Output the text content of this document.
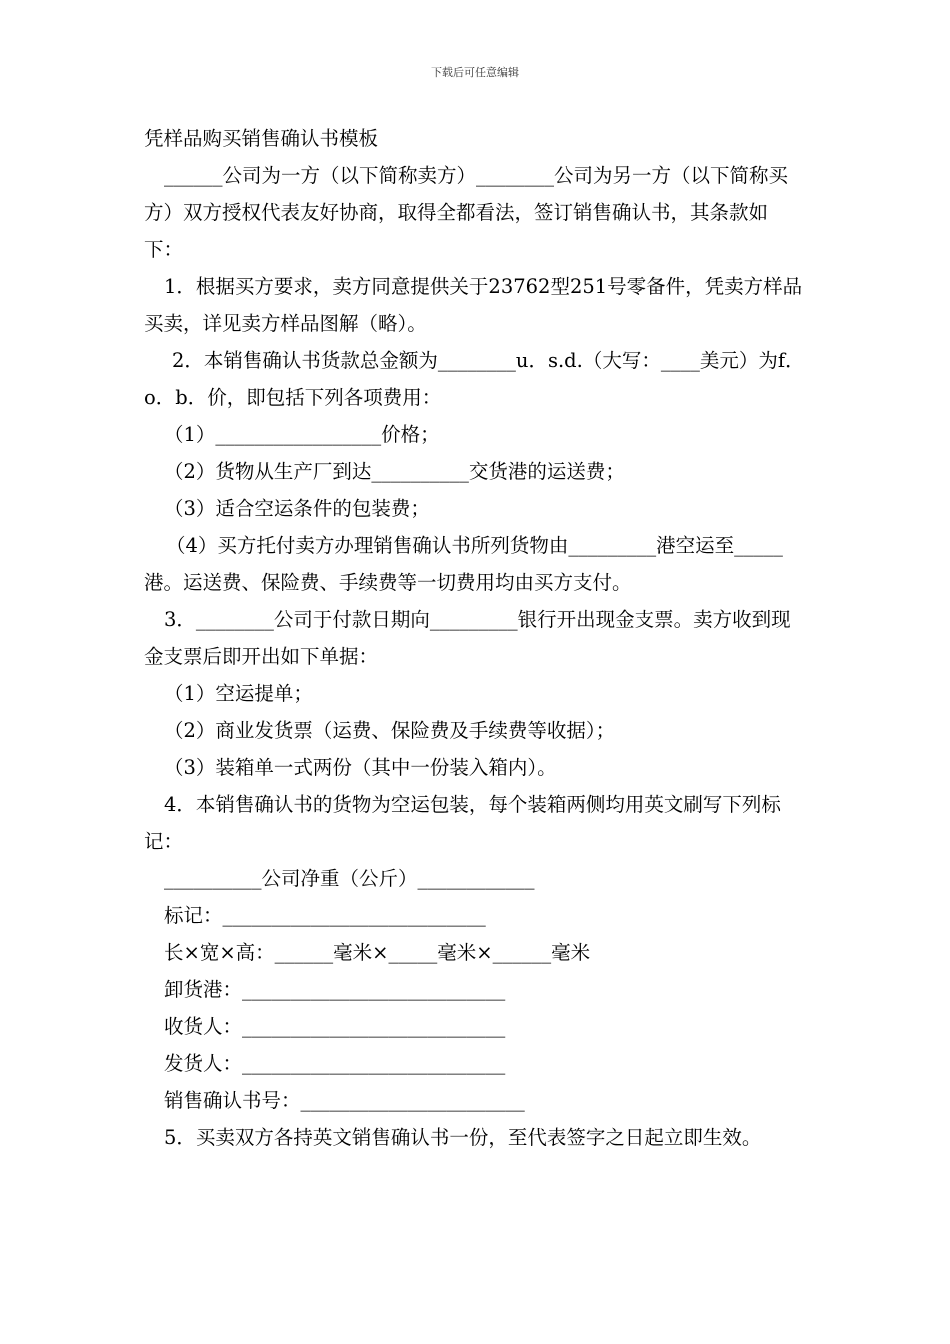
下载后可任意编辑

凭样品购买销售确认书模板

______公司为一方（以下简称卖方）________公司为另一方（以下简称买方）双方授权代表友好协商，取得全都看法，签订销售确认书，其条款如下：

1．根据买方要求，卖方同意提供关于23762型251号零备件，凭卖方样品买卖，详见卖方样品图解（略）。

2．本销售确认书货款总金额为________u．s.d.（大写：____美元）为f．o．b．价，即包括下列各项费用：

（1）_________________价格；

（2）货物从生产厂到达__________交货港的运送费；

（3）适合空运条件的包装费；

（4）买方托付卖方办理销售确认书所列货物由_________港空运至_____港。运送费、保险费、手续费等一切费用均由买方支付。

3．________公司于付款日期向_________银行开出现金支票。卖方收到现金支票后即开出如下单据：

（1）空运提单；

（2）商业发货票（运费、保险费及手续费等收据）；

（3）装箱单一式两份（其中一份装入箱内）。

4．本销售确认书的货物为空运包装，每个装箱两侧均用英文刷写下列标记：

__________公司净重（公斤）____________

标记：___________________________

长×宽×高：______毫米×_____毫米×______毫米

卸货港：___________________________

收货人：___________________________

发货人：___________________________

销售确认书号：_______________________

5．买卖双方各持英文销售确认书一份，至代表签字之日起立即生效。
